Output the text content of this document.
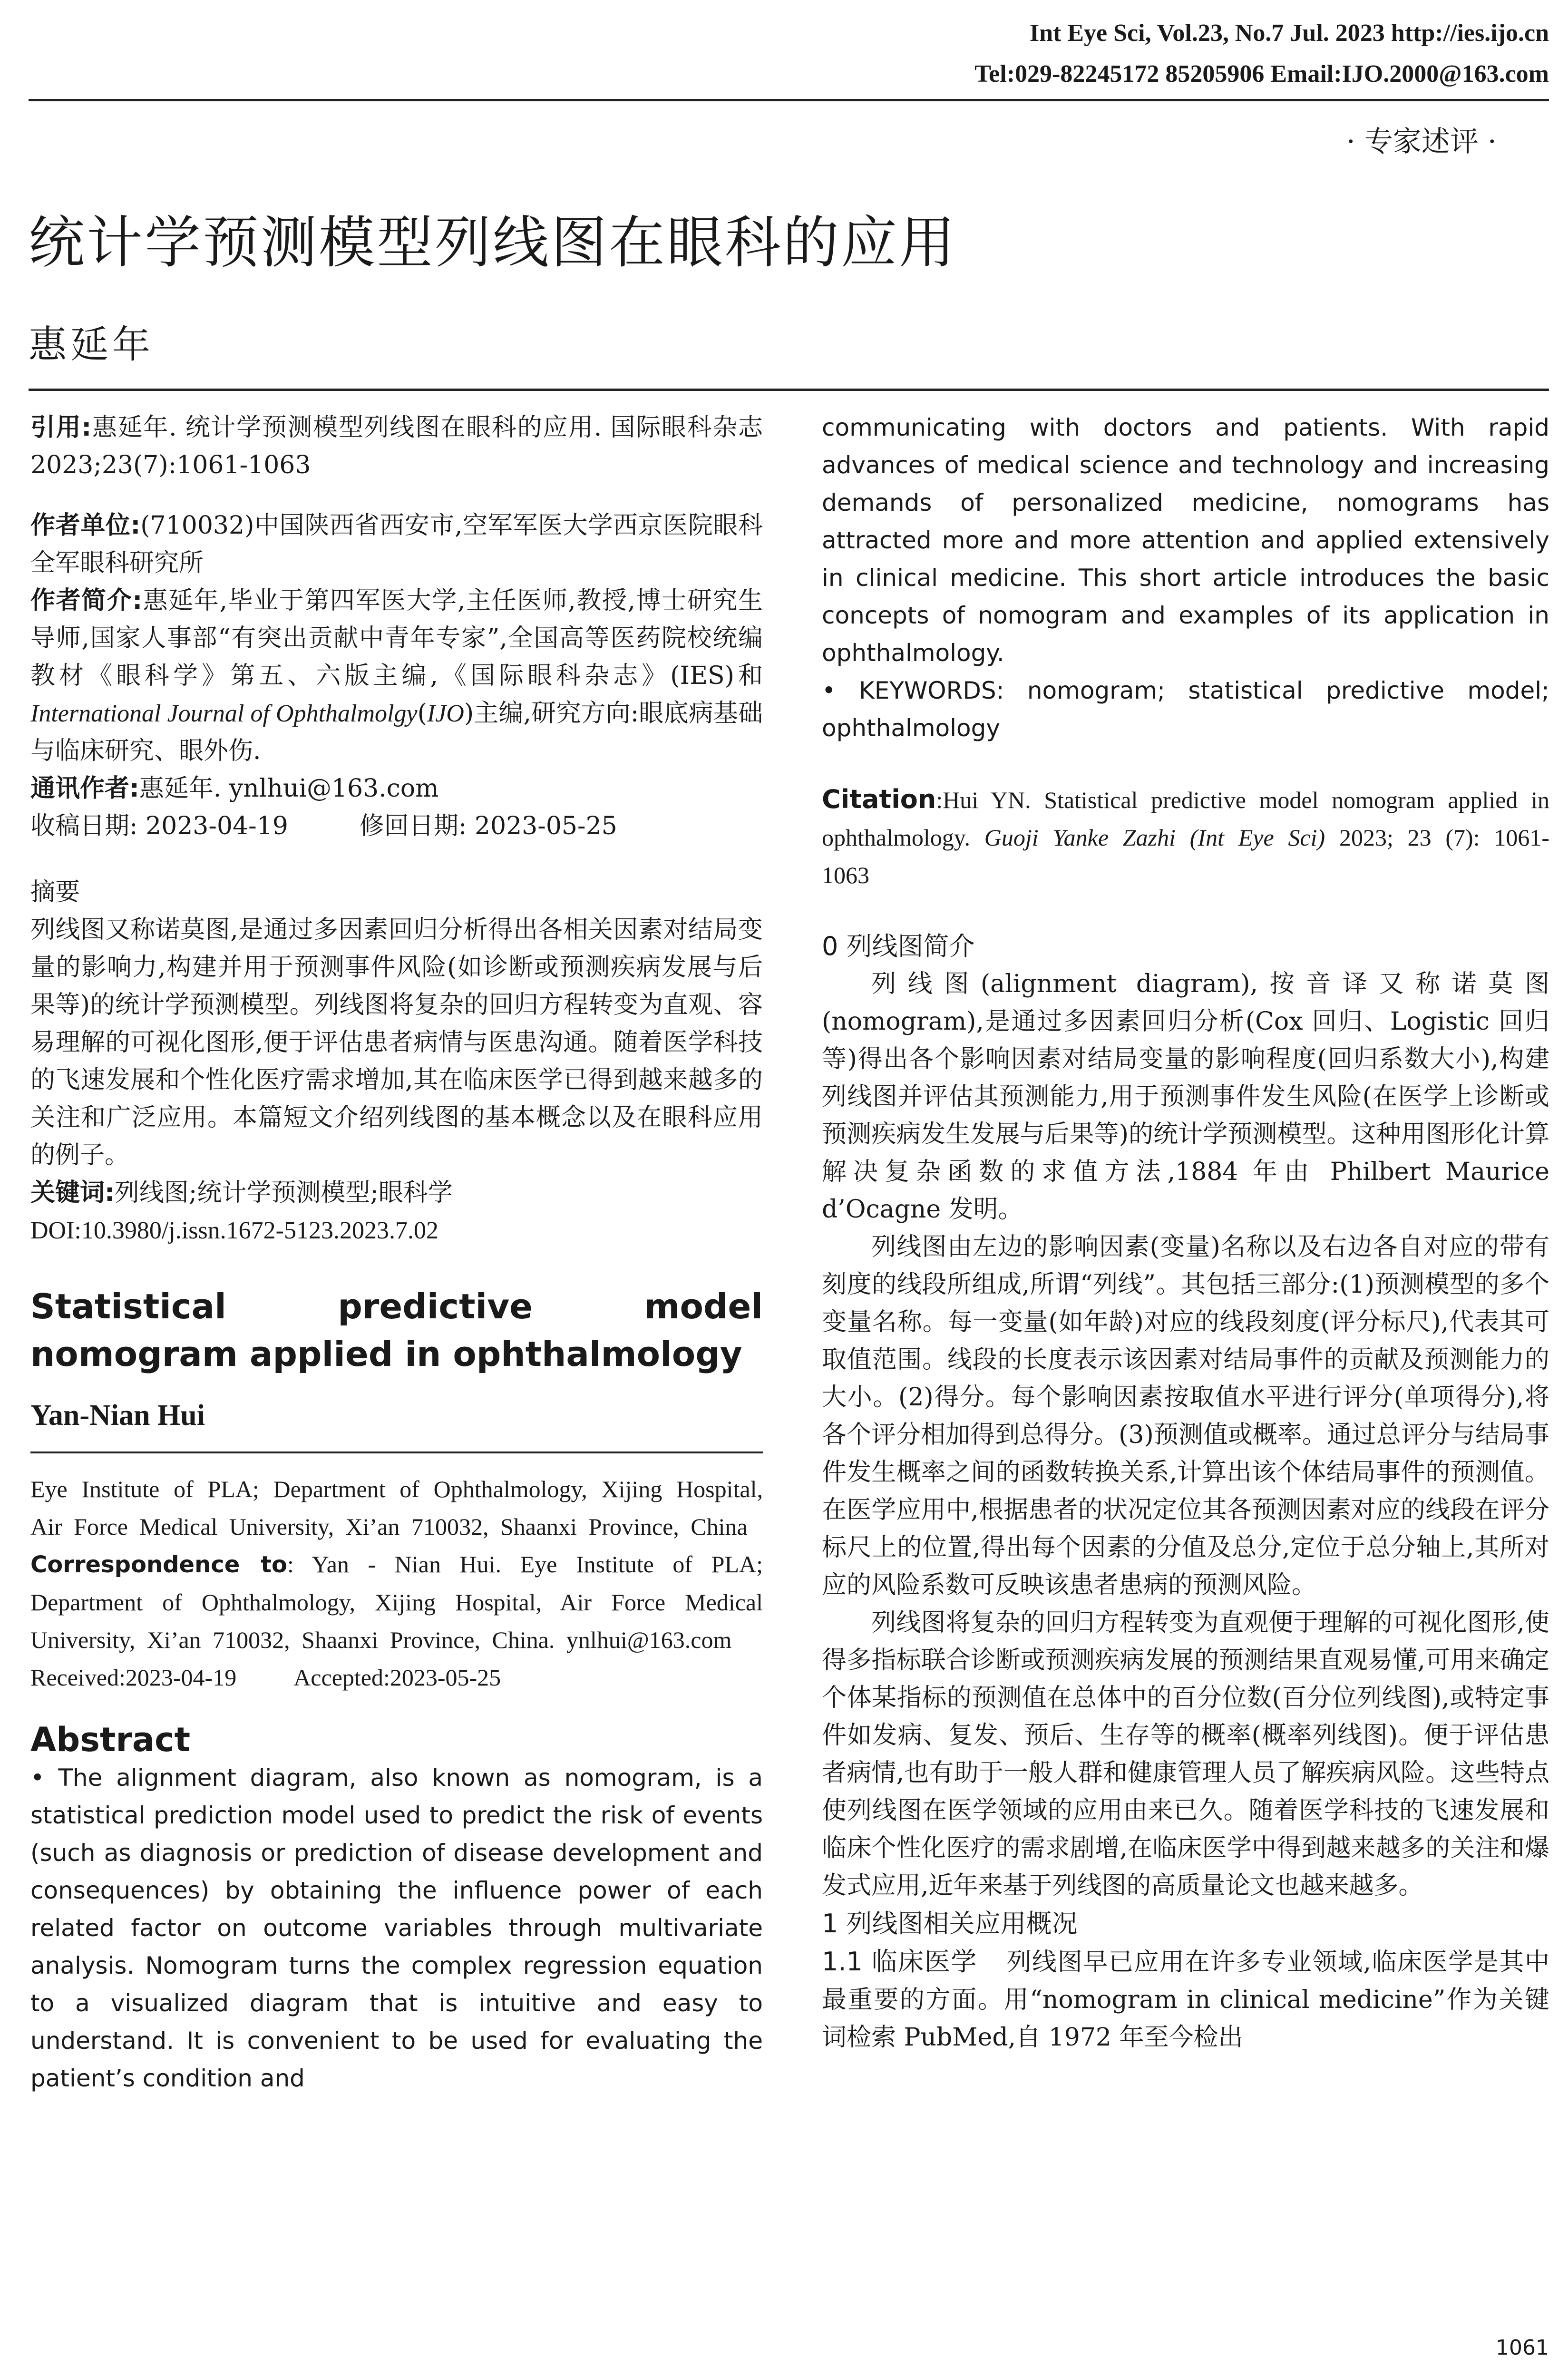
Int Eye Sci, Vol.23, No.7 Jul. 2023 http://ies.ijo.cn
Tel:029-82245172 85205906 Email:IJO.2000@163.com
· 专家述评 ·
统计学预测模型列线图在眼科的应用
惠延年

引用:惠延年. 统计学预测模型列线图在眼科的应用. 国际眼科杂志 2023;23(7):1061-1063

作者单位:(710032)中国陕西省西安市,空军军医大学西京医院眼科 全军眼科研究所

作者简介:惠延年,毕业于第四军医大学,主任医师,教授,博士研究生导师,国家人事部“有突出贡献中青年专家”,全国高等医药院校统编教材《眼科学》第五、六版主编,《国际眼科杂志》(IES)和International Journal of Ophthalmolgy(IJO)主编,研究方向:眼底病基础与临床研究、眼外伤.

通讯作者:惠延年. ynlhui@163.com

收稿日期: 2023-04-19	修回日期: 2023-05-25

摘要

列线图又称诺莫图,是通过多因素回归分析得出各相关因素对结局变量的影响力,构建并用于预测事件风险(如诊断或预测疾病发展与后果等)的统计学预测模型。列线图将复杂的回归方程转变为直观、容易理解的可视化图形,便于评估患者病情与医患沟通。随着医学科技的飞速发展和个性化医疗需求增加,其在临床医学已得到越来越多的关注和广泛应用。本篇短文介绍列线图的基本概念以及在眼科应用的例子。

关键词:列线图;统计学预测模型;眼科学

DOI:10.3980/j.issn.1672-5123.2023.7.02

Statistical predictive model nomogram applied in ophthalmology

Yan-Nian Hui

Eye Institute of PLA; Department of Ophthalmology, Xijing Hospital, Air Force Medical University, Xi’an 710032, Shaanxi Province, China

Correspondence to: Yan - Nian Hui. Eye Institute of PLA; Department of Ophthalmology, Xijing Hospital, Air Force Medical University, Xi’an 710032, Shaanxi Province, China. ynlhui@163.com

Received:2023-04-19 Accepted:2023-05-25

Abstract

• The alignment diagram, also known as nomogram, is a statistical prediction model used to predict the risk of events (such as diagnosis or prediction of disease development and consequences) by obtaining the influence power of each related factor on outcome variables through multivariate analysis. Nomogram turns the complex regression equation to a visualized diagram that is intuitive and easy to understand. It is convenient to be used for evaluating the patient’s condition and

communicating with doctors and patients. With rapid advances of medical science and technology and increasing demands of personalized medicine, nomograms has attracted more and more attention and applied extensively in clinical medicine. This short article introduces the basic concepts of nomogram and examples of its application in ophthalmology.

• KEYWORDS: nomogram; statistical predictive model; ophthalmology

Citation:Hui YN. Statistical predictive model nomogram applied in ophthalmology. Guoji Yanke Zazhi (Int Eye Sci) 2023; 23 (7): 1061-1063

0 列线图简介

列线图(alignment diagram),按音译又称诺莫图(nomogram),是通过多因素回归分析(Cox 回归、Logistic 回归等)得出各个影响因素对结局变量的影响程度(回归系数大小),构建列线图并评估其预测能力,用于预测事件发生风险(在医学上诊断或预测疾病发生发展与后果等)的统计学预测模型。这种用图形化计算解决复杂函数的求值方法,1884 年由 Philbert Maurice d’Ocagne 发明。

列线图由左边的影响因素(变量)名称以及右边各自对应的带有刻度的线段所组成,所谓“列线”。其包括三部分:(1)预测模型的多个变量名称。每一变量(如年龄)对应的线段刻度(评分标尺),代表其可取值范围。线段的长度表示该因素对结局事件的贡献及预测能力的大小。(2)得分。每个影响因素按取值水平进行评分(单项得分),将各个评分相加得到总得分。(3)预测值或概率。通过总评分与结局事件发生概率之间的函数转换关系,计算出该个体结局事件的预测值。在医学应用中,根据患者的状况定位其各预测因素对应的线段在评分标尺上的位置,得出每个因素的分值及总分,定位于总分轴上,其所对应的风险系数可反映该患者患病的预测风险。

列线图将复杂的回归方程转变为直观便于理解的可视化图形,使得多指标联合诊断或预测疾病发展的预测结果直观易懂,可用来确定个体某指标的预测值在总体中的百分位数(百分位列线图),或特定事件如发病、复发、预后、生存等的概率(概率列线图)。便于评估患者病情,也有助于一般人群和健康管理人员了解疾病风险。这些特点使列线图在医学领域的应用由来已久。随着医学科技的飞速发展和临床个性化医疗的需求剧增,在临床医学中得到越来越多的关注和爆发式应用,近年来基于列线图的高质量论文也越来越多。

1 列线图相关应用概况

1.1 临床医学 列线图早已应用在许多专业领域,临床医学是其中最重要的方面。用“nomogram in clinical medicine”作为关键词检索 PubMed,自 1972 年至今检出

1061
